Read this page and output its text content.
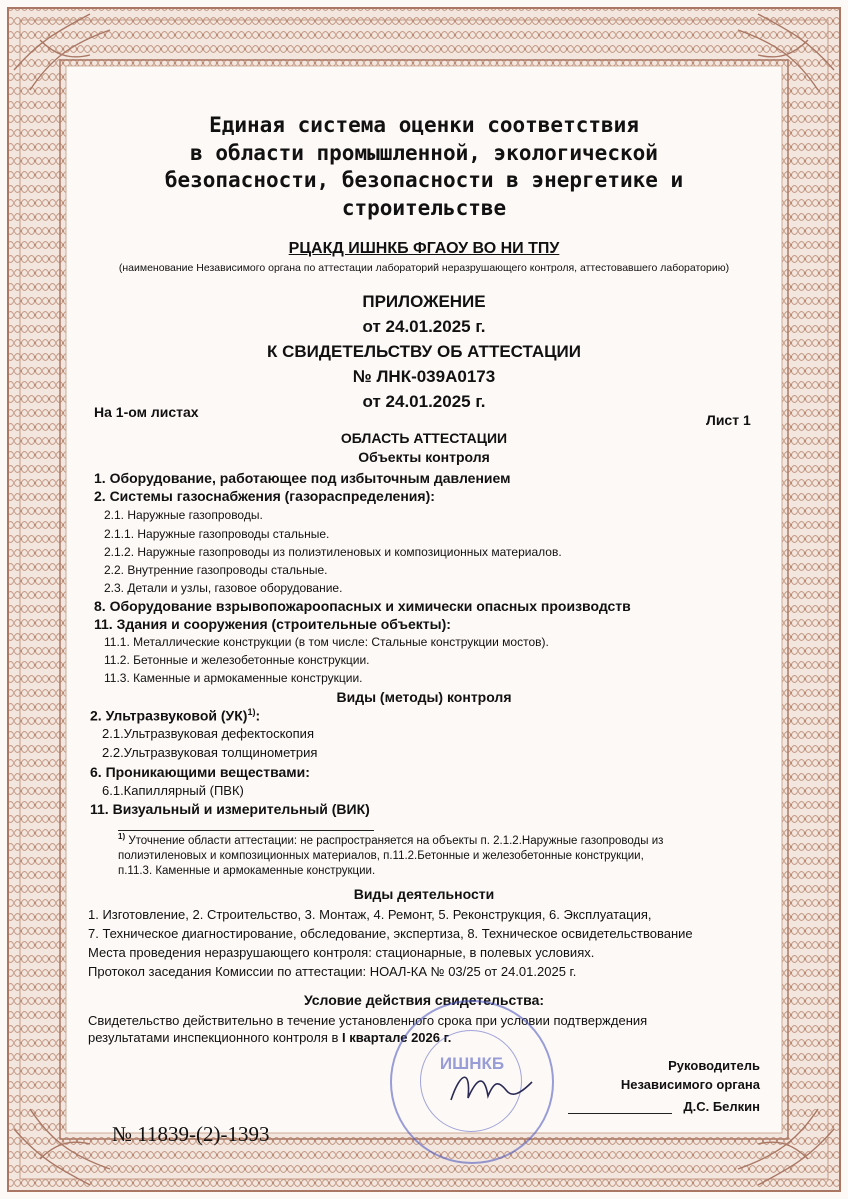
Единая система оценки соответствия
в области промышленной, экологической
безопасности, безопасности в энергетике и
строительстве
РЦАКД ИШНКБ ФГАОУ ВО НИ ТПУ
(наименование Независимого органа по аттестации лабораторий неразрушающего контроля, аттестовавшего лабораторию)
ПРИЛОЖЕНИЕ
от 24.01.2025 г.
К СВИДЕТЕЛЬСТВУ ОБ АТТЕСТАЦИИ
№ ЛНК-039А0173
от 24.01.2025 г.
На 1-ом листах	Лист 1
ОБЛАСТЬ АТТЕСТАЦИИ
Объекты контроля
1. Оборудование, работающее под избыточным давлением
2. Системы газоснабжения (газораспределения):
2.1. Наружные газопроводы.
2.1.1. Наружные газопроводы стальные.
2.1.2. Наружные газопроводы из полиэтиленовых и композиционных материалов.
2.2. Внутренние газопроводы стальные.
2.3. Детали и узлы, газовое оборудование.
8. Оборудование взрывопожароопасных и химически опасных производств
11. Здания и сооружения (строительные объекты):
11.1. Металлические конструкции (в том числе: Стальные конструкции мостов).
11.2. Бетонные и железобетонные конструкции.
11.3. Каменные и армокаменные конструкции.
Виды (методы) контроля
2. Ультразвуковой (УК)$^{1)}$:
2.1.Ультразвуковая дефектоскопия
2.2.Ультразвуковая толщинометрия
6. Проникающими веществами:
6.1.Капиллярный (ПВК)
11. Визуальный и измерительный (ВИК)
$^{1)}$ Уточнение области аттестации: не распространяется на объекты п. 2.1.2.Наружные газопроводы из
полиэтиленовых и композиционных материалов, п.11.2.Бетонные и железобетонные конструкции,
п.11.3. Каменные и армокаменные конструкции.
Виды деятельности
1. Изготовление, 2. Строительство, 3. Монтаж, 4. Ремонт, 5. Реконструкция, 6. Эксплуатация,
7. Техническое диагностирование, обследование, экспертиза, 8. Техническое освидетельствование
Места проведения неразрушающего контроля: стационарные, в полевых условиях.
Протокол заседания Комиссии по аттестации: НОАЛ-КА № 03/25 от 24.01.2025 г.
Условие действия свидетельства:
Свидетельство действительно в течение установленного срока при условии подтверждения
результатами инспекционного контроля в I квартале 2026 г.
ИШНКБ	Руководитель
Независимого органа
Д.С. Белкин
№ 11839-(2)-1393
